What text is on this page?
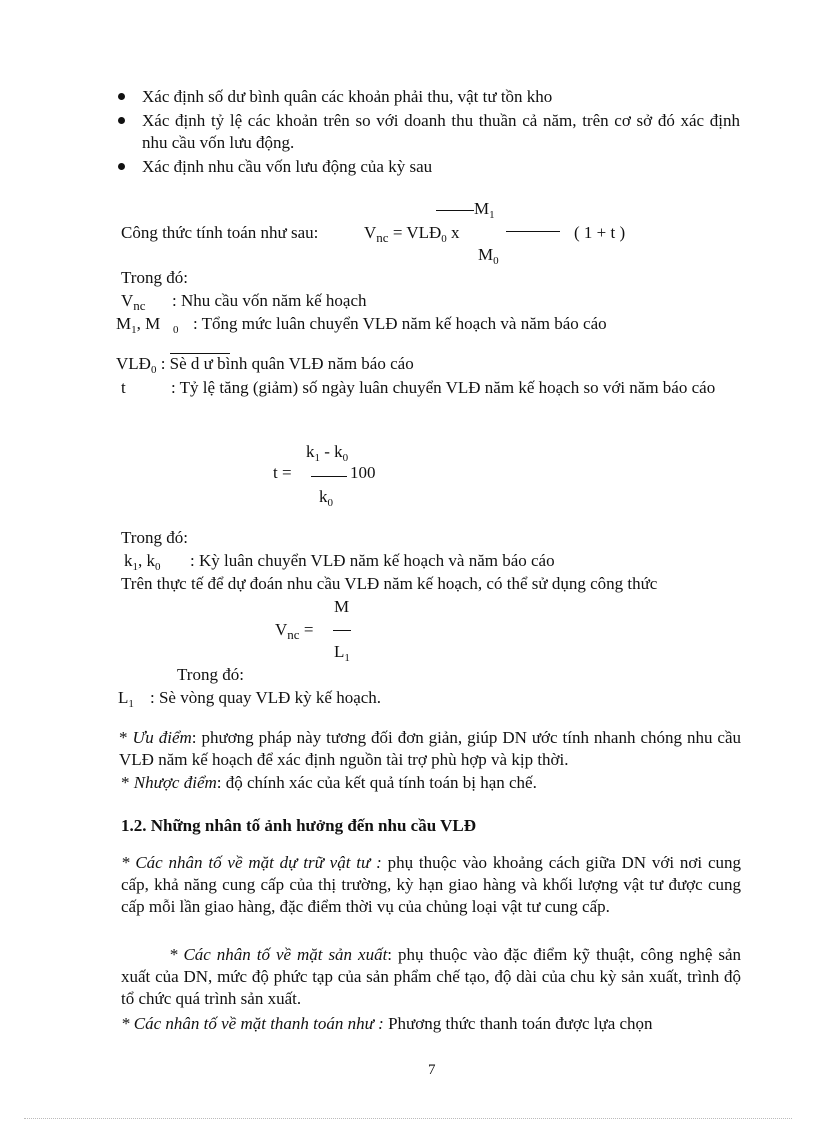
Xác định số dư bình quân các khoản phải thu, vật tư tồn kho
Xác định tỷ lệ các khoản trên so với doanh thu thuần cả năm, trên cơ sở đó xác định nhu cầu vốn lưu động.
Xác định nhu cầu vốn lưu động của kỳ sau
Công thức tính toán như sau:	$V_{nc}$ = $VLĐ_0$ x
$M_1$
$M_0$
( 1 + t )
Trong đó:
$V_{nc}$ : Nhu cầu vốn năm kế hoạch
$M_1$, M $_0$ : Tổng mức luân chuyển VLĐ năm kế hoạch và năm báo cáo
$VLĐ_0$ : Sè d ư bình quân VLĐ năm báo cáo
t	: Tỷ lệ tăng (giảm) số ngày luân chuyển VLĐ năm kế hoạch so với năm báo cáo
$k_1 - k_0$
t =	100
$k_0$
Trong đó:
$k_1$, $k_0$ : Kỳ luân chuyển VLĐ năm kế hoạch và năm báo cáo
Trên thực tế để dự đoán nhu cầu VLĐ năm kế hoạch, có thể sử dụng công thức
M
$V_{nc}$ =
$L_1$
Trong đó:
$L_1$ : Sè vòng quay VLĐ kỳ kế hoạch.
* Ưu điểm: phương pháp này tương đối đơn giản, giúp DN ước tính nhanh chóng nhu cầu VLĐ năm kế hoạch để xác định nguồn tài trợ phù hợp và kịp thời.
* Nhược điểm: độ chính xác của kết quả tính toán bị hạn chế.
1.2. Những nhân tố ảnh hưởng đến nhu cầu VLĐ
* Các nhân tố về mặt dự trữ vật tư : phụ thuộc vào khoảng cách giữa DN với nơi cung cấp, khả năng cung cấp của thị trường, kỳ hạn giao hàng và khối lượng vật tư được cung cấp mỗi lần giao hàng, đặc điểm thời vụ của chủng loại vật tư cung cấp.
* Các nhân tố về mặt sản xuất: phụ thuộc vào đặc điểm kỹ thuật, công nghệ sản xuất của DN, mức độ phức tạp của sản phẩm chế tạo, độ dài của chu kỳ sản xuất, trình độ tổ chức quá trình sản xuất.
* Các nhân tố về mặt thanh toán như : Phương thức thanh toán được lựa chọn
7
